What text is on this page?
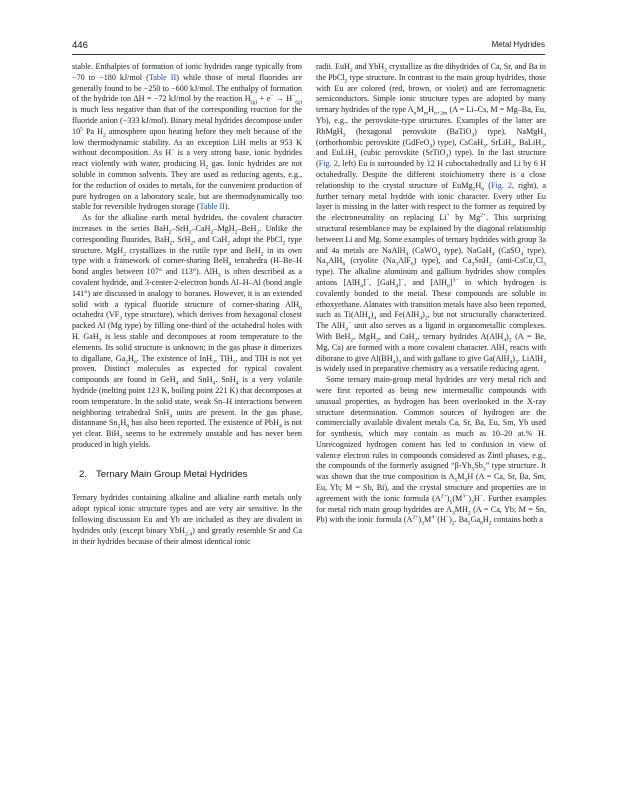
446	Metal Hydrides

stable. Enthalpies of formation of ionic hydrides range typically from −70 to −180 kJ/mol (Table II) while those of metal fluorides are generally found to be −250 to −600 kJ/mol. The enthalpy of formation of the hydride ion ΔH = −72 kJ/mol by the reaction $H_{(g)} + e^- \to H^-_{(g)}$ is much less negative than that of the corresponding reaction for the fluoride anion (−333 kJ/mol). Binary metal hydrides decompose under $10^5$ Pa $H_2$ atmosphere upon heating before they melt because of the low thermodynamic stability. As an exception LiH melts at 953 K without decomposition. As H− is a very strong base, ionic hydrides react violently with water, producing $H_2$ gas. Ionic hydrides are not soluble in common solvents. They are used as reducing agents, e.g., for the reduction of oxides to metals, for the convenient production of pure hydrogen on a laboratory scale, but are thermodynamically too stable for reversible hydrogen storage (Table II).

As for the alkaline earth metal hydrides, the covalent character increases in the series BaH$_2$–SrH$_2$–CaH$_2$–MgH$_2$–BeH$_2$. Unlike the corresponding fluorides, BaH$_2$, SrH$_2$, and CaH$_2$ adopt the PbCl$_2$ type structure. MgH$_2$ crystallizes in the rutile type and BeH$_2$ in its own type with a framework of corner-sharing BeH$_4$ tetrahedra (H–Be–H bond angles between 107° and 113°). AlH$_3$ is often described as a covalent hydride, and 3-center-2-electron bonds Al–H–Al (bond angle 141°) are discussed in analogy to boranes. However, it is an extended solid with a typical fluoride structure of corner-sharing AlH$_6$ octahedra ($VF_3$ type structure), which derives from hexagonal closest packed Al (Mg type) by filling one-third of the octahedral holes with H. GaH$_3$ is less stable and decomposes at room temperature to the elements. Its solid structure is unknown; in the gas phase it dimerizes to digallane, $Ga_2H_6$. The existence of InH$_3$, TlH$_3$, and TlH is not yet proven. Distinct molecules as expected for typical covalent compounds are found in GeH$_4$ and SnH$_4$. SnH$_4$ is a very volatile hydride (melting point 123 K, boiling point 221 K) that decomposes at room temperature. In the solid state, weak Sn–H interactions between neighboring tetrahedral SnH$_4$ units are present. In the gas phase, distannane $Sn_2H_6$ has also been reported. The existence of PbH$_4$ is not yet clear. BiH$_3$ seems to be extremely unstable and has never been produced in high yields.

2. Ternary Main Group Metal Hydrides

Ternary hydrides containing alkaline and alkaline earth metals only adopt typical ionic structure types and are very air sensitive. In the following discussion Eu and Yb are included as they are divalent in hydrides only (except binary YbH$_{2.4}$) and greatly resemble Sr and Ca in their hydrides because of their almost identical ionic

radii. EuH$_2$ and YbH$_2$ crystallize as the dihydrides of Ca, Sr, and Ba in the PbCl$_2$ type structure. In contrast to the main group hydrides, those with Eu are colored (red, brown, or violet) and are ferromagnetic semiconductors. Simple ionic structure types are adopted by many ternary hydrides of the type $A_nM_mH_{n+2m}$ (A = Li–Cs, M = Mg–Ba, Eu, Yb), e.g., the perovskite-type structures. Examples of the latter are RbMgH$_3$ (hexagonal perovskite (BaTiO$_3$) type), NaMgH$_3$ (orthorhombic perovskite (GdFeO$_3$) type), CsCaH$_3$, SrLiH$_3$, BaLiH$_3$, and EuLiH$_3$ (cubic perovskite (SrTiO$_3$) type). In the last structure (Fig. 2, left) Eu is surrounded by 12 H cuboctahedrally and Li by 6 H octahedrally. Despite the different stoichiometry there is a close relationship to the crystal structure of $EuMg_2H_6$ (Fig. 2, right), a further ternary metal hydride with ionic character. Every other Eu layer is missing in the latter with respect to the former as required by the electroneutrality on replacing Li+ by $Mg^{2+}$. This surprising structural resemblance may be explained by the diagonal relationship between Li and Mg. Some examples of ternary hydrides with group 3a and 4a metals are NaAlH$_4$ (CaWO$_4$ type), NaGaH$_4$ (CaSO$_4$ type), $Na_3AlH_6$ (cryolite $(Na_3AlF_6)$ type), and $Ca_3SnH_2$ ($anti-CsCu_2Cl_3$ type). The alkaline aluminum and gallium hydrides show complex anions [AlH$_4$]−, [GaH$_4$]−, and $[AlH_6]^{3-}$ in which hydrogen is covalently bonded to the metal. These compounds are soluble in ethoxyethane. Alanates with transition metals have also been reported, such as $Ti(AlH_4)_4$ and $Fe(AlH_4)_2$, but not structurally characterized. The AlH$_4$− unit also serves as a ligand in organometallic complexes. With BeH$_2$, MgH$_2$, and CaH$_2$, ternary hydrides $A(AlH_4)_2$ (A = Be, Mg, Ca) are formed with a more covalent character. AlH$_3$ reacts with diborane to give $Al(BH_4)_3$ and with gallane to give $Ga(AlH_4)_3$. LiAlH$_4$ is widely used in preparative chemistry as a versatile reducing agent.

Some ternary main-group metal hydrides are very metal rich and were first reported as being new intermetallic compounds with unusual properties, as hydrogen has been overlooked in the X-ray structure determination. Common sources of hydrogen are the commercially available divalent metals Ca, Sr, Ba, Eu, Sm, Yb used for synthesis, which may contain as much as 10–20 at.% H. Unrecognized hydrogen content has led to confusion in view of valence electron rules in compounds considered as Zintl phases, e.g., the compounds of the formerly assigned “$\beta-Yb_5Sb_3$” type structure. It was shown that the true composition is $A_5M_3H$ (A = Ca, Sr, Ba, Sm, Eu, Yb; M = Sb, Bi), and the crystal structure and properties are in agreement with the ionic formula $(A^{2+})_5(M^{3-})_3H^-$. Further examples for metal rich main group hydrides are $A_3MH_2$ (A = Ca, Yb; M = Sn, Pb) with the ionic formula $(A^{2+})_3M^{4-}(H^-)_2$. $Ba_5Ga_6H_2$ contains both a
